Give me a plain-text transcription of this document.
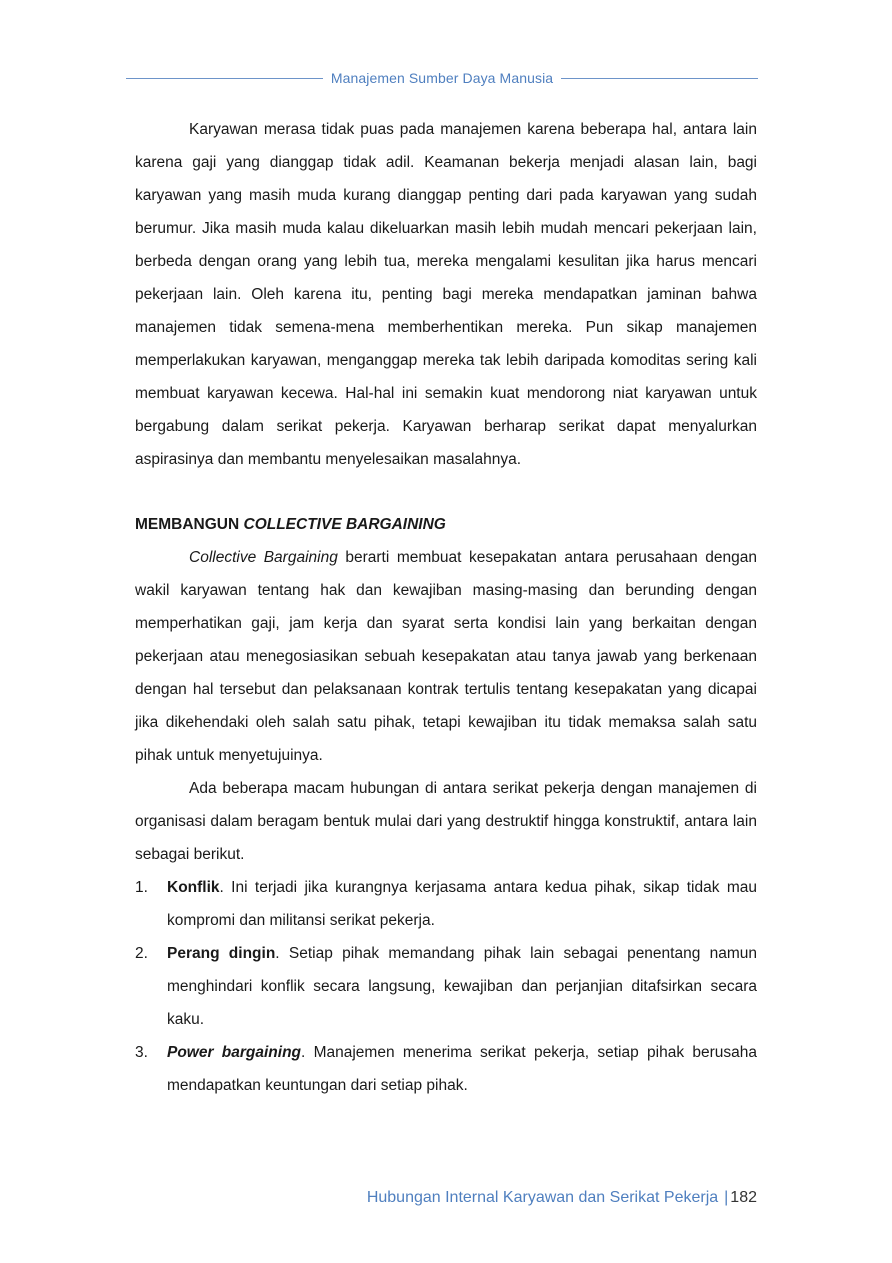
Manajemen Sumber Daya Manusia

Karyawan merasa tidak puas pada manajemen karena beberapa hal, antara lain karena gaji yang dianggap tidak adil. Keamanan bekerja menjadi alasan lain, bagi karyawan yang masih muda kurang dianggap penting dari pada karyawan yang sudah berumur. Jika masih muda kalau dikeluarkan masih lebih mudah mencari pekerjaan lain, berbeda dengan orang yang lebih tua, mereka mengalami kesulitan jika harus mencari pekerjaan lain. Oleh karena itu, penting bagi mereka mendapatkan jaminan bahwa manajemen tidak semena-mena memberhentikan mereka. Pun sikap manajemen memperlakukan karyawan, menganggap mereka tak lebih daripada komoditas sering kali membuat karyawan kecewa. Hal-hal ini semakin kuat mendorong niat karyawan untuk bergabung dalam serikat pekerja. Karyawan berharap serikat dapat menyalurkan aspirasinya dan membantu menyelesaikan masalahnya.

MEMBANGUN COLLECTIVE BARGAINING

Collective Bargaining berarti membuat kesepakatan antara perusahaan dengan wakil karyawan tentang hak dan kewajiban masing-masing dan berunding dengan memperhatikan gaji, jam kerja dan syarat serta kondisi lain yang berkaitan dengan pekerjaan atau menegosiasikan sebuah kesepakatan atau tanya jawab yang berkenaan dengan hal tersebut dan pelaksanaan kontrak tertulis tentang kesepakatan yang dicapai jika dikehendaki oleh salah satu pihak, tetapi kewajiban itu tidak memaksa salah satu pihak untuk menyetujuinya.

Ada beberapa macam hubungan di antara serikat pekerja dengan manajemen di organisasi dalam beragam bentuk mulai dari yang destruktif hingga konstruktif, antara lain sebagai berikut.

1. Konflik. Ini terjadi jika kurangnya kerjasama antara kedua pihak, sikap tidak mau kompromi dan militansi serikat pekerja.
2. Perang dingin. Setiap pihak memandang pihak lain sebagai penentang namun menghindari konflik secara langsung, kewajiban dan perjanjian ditafsirkan secara kaku.
3. Power bargaining. Manajemen menerima serikat pekerja, setiap pihak berusaha mendapatkan keuntungan dari setiap pihak.
Hubungan Internal Karyawan dan Serikat Pekerja | 182
